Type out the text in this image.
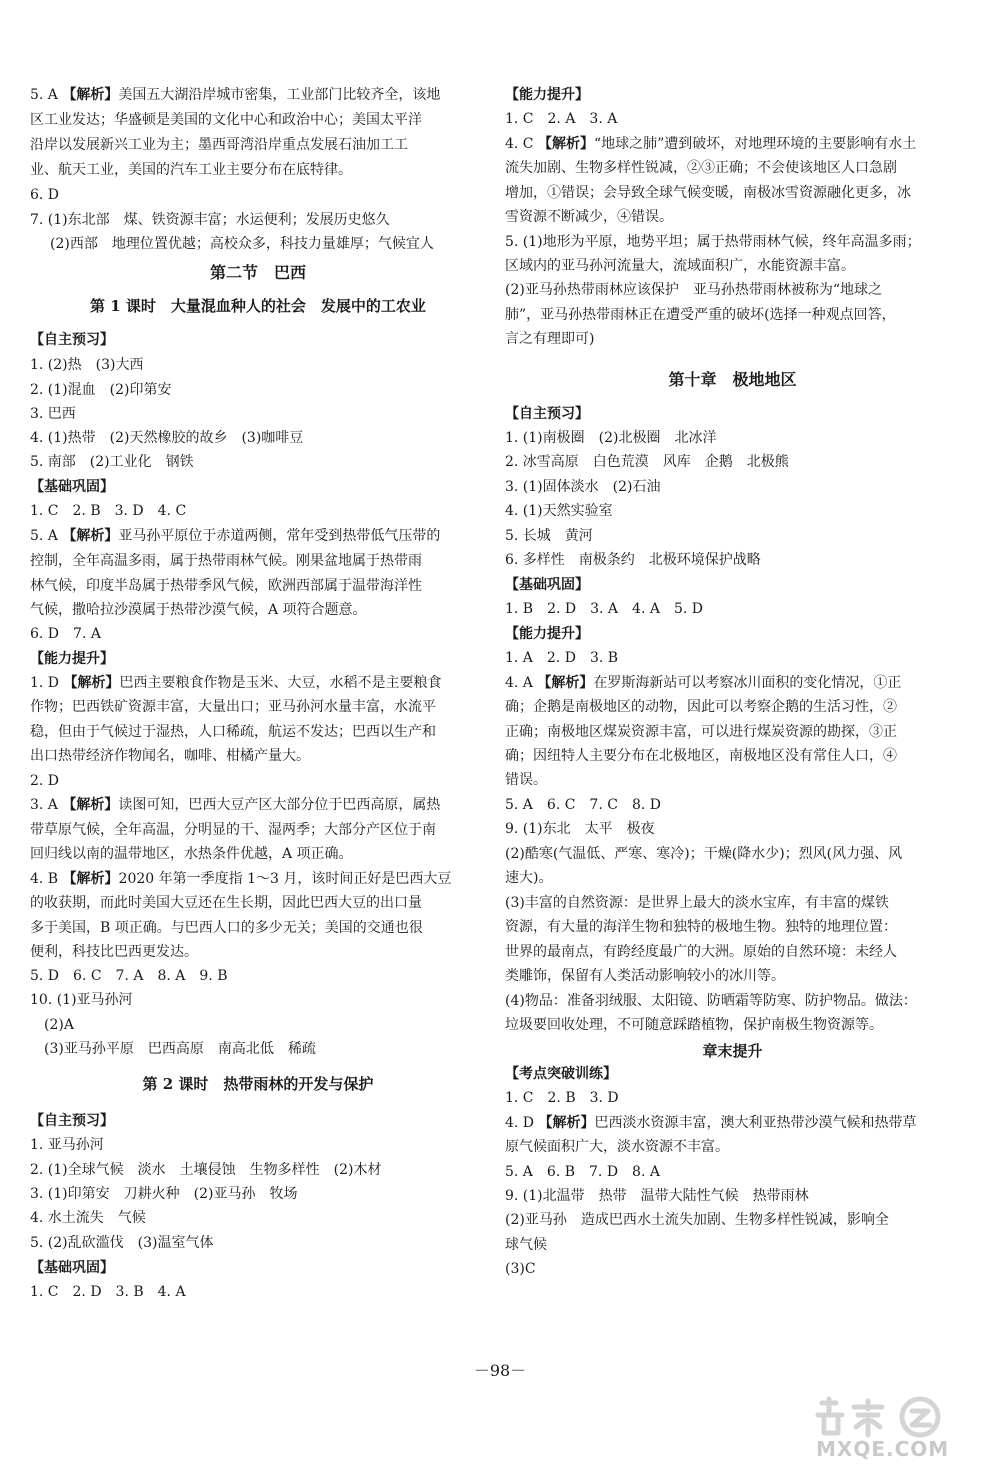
5. A 【解析】美国五大湖沿岸城市密集，工业部门比较齐全，该地
区工业发达；华盛顿是美国的文化中心和政治中心；美国太平洋
沿岸以发展新兴工业为主；墨西哥湾沿岸重点发展石油加工工
业、航天工业，美国的汽车工业主要分布在底特律。
6. D
7. (1)东北部　煤、铁资源丰富；水运便利；发展历史悠久
(2)西部　地理位置优越；高校众多，科技力量雄厚；气候宜人
第二节　巴西
第 1 课时　大量混血种人的社会　发展中的工农业
【自主预习】
1. (2)热　(3)大西
2. (1)混血　(2)印第安
3. 巴西
4. (1)热带　(2)天然橡胶的故乡　(3)咖啡豆
5. 南部　(2)工业化　钢铁
【基础巩固】
1. C　2. B　3. D　4. C
5. A 【解析】亚马孙平原位于赤道两侧，常年受到热带低气压带的
控制，全年高温多雨，属于热带雨林气候。刚果盆地属于热带雨
林气候，印度半岛属于热带季风气候，欧洲西部属于温带海洋性
气候，撒哈拉沙漠属于热带沙漠气候，A 项符合题意。
6. D　7. A
【能力提升】
1. D 【解析】巴西主要粮食作物是玉米、大豆，水稻不是主要粮食
作物；巴西铁矿资源丰富，大量出口；亚马孙河水量丰富，水流平
稳，但由于气候过于湿热，人口稀疏，航运不发达；巴西以生产和
出口热带经济作物闻名，咖啡、柑橘产量大。
2. D
3. A 【解析】读图可知，巴西大豆产区大部分位于巴西高原，属热
带草原气候，全年高温，分明显的干、湿两季；大部分产区位于南
回归线以南的温带地区，水热条件优越，A 项正确。
4. B 【解析】2020 年第一季度指 1～3 月，该时间正好是巴西大豆
的收获期，而此时美国大豆还在生长期，因此巴西大豆的出口量
多于美国，B 项正确。与巴西人口的多少无关；美国的交通也很
便利，科技比巴西更发达。
5. D　6. C　7. A　8. A　9. B
10. (1)亚马孙河
(2)A
(3)亚马孙平原　巴西高原　南高北低　稀疏
第 2 课时　热带雨林的开发与保护
【自主预习】
1. 亚马孙河
2. (1)全球气候　淡水　土壤侵蚀　生物多样性　(2)木材
3. (1)印第安　刀耕火种　(2)亚马孙　牧场
4. 水土流失　气候
5. (2)乱砍滥伐　(3)温室气体
【基础巩固】
1. C　2. D　3. B　4. A
【能力提升】
1. C　2. A　3. A
4. C 【解析】“地球之肺”遭到破坏，对地理环境的主要影响有水土
流失加剧、生物多样性锐减，②③正确；不会使该地区人口急剧
增加，①错误；会导致全球气候变暖，南极冰雪资源融化更多，冰
雪资源不断减少，④错误。
5. (1)地形为平原，地势平坦；属于热带雨林气候，终年高温多雨；
区域内的亚马孙河流量大，流域面积广，水能资源丰富。
(2)亚马孙热带雨林应该保护　亚马孙热带雨林被称为“地球之
肺”，亚马孙热带雨林正在遭受严重的破坏(选择一种观点回答，
言之有理即可)
第十章　极地地区
【自主预习】
1. (1)南极圈　(2)北极圈　北冰洋
2. 冰雪高原　白色荒漠　风库　企鹅　北极熊
3. (1)固体淡水　(2)石油
4. (1)天然实验室
5. 长城　黄河
6. 多样性　南极条约　北极环境保护战略
【基础巩固】
1. B　2. D　3. A　4. A　5. D
【能力提升】
1. A　2. D　3. B
4. A 【解析】在罗斯海新站可以考察冰川面积的变化情况，①正
确；企鹅是南极地区的动物，因此可以考察企鹅的生活习性，②
正确；南极地区煤炭资源丰富，可以进行煤炭资源的勘探，③正
确；因纽特人主要分布在北极地区，南极地区没有常住人口，④
错误。
5. A　6. C　7. C　8. D
9. (1)东北　太平　极夜
(2)酷寒(气温低、严寒、寒冷)；干燥(降水少)；烈风(风力强、风
速大)。
(3)丰富的自然资源：是世界上最大的淡水宝库，有丰富的煤铁
资源，有大量的海洋生物和独特的极地生物。独特的地理位置：
世界的最南点，有跨经度最广的大洲。原始的自然环境：未经人
类雕饰，保留有人类活动影响较小的冰川等。
(4)物品：准备羽绒服、太阳镜、防晒霜等防寒、防护物品。做法：
垃圾要回收处理，不可随意踩踏植物，保护南极生物资源等。
章末提升
【考点突破训练】
1. C　2. B　3. D
4. D 【解析】巴西淡水资源丰富，澳大利亚热带沙漠气候和热带草
原气候面积广大，淡水资源不丰富。
5. A　6. B　7. D　8. A
9. (1)北温带　热带　温带大陆性气候　热带雨林
(2)亚马孙　造成巴西水土流失加剧、生物多样性锐减，影响全
球气候
(3)C
－98－
MXQE.COM
